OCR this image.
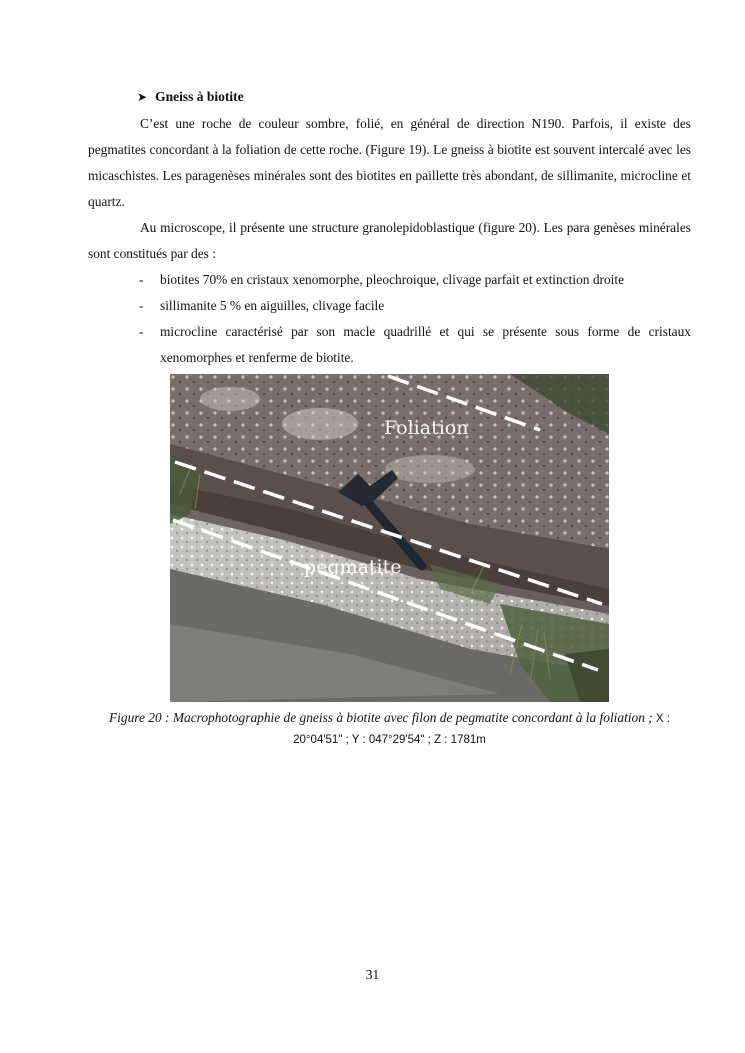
➤ Gneiss à biotite

C’est une roche de couleur sombre, folié, en général de direction N190. Parfois, il existe des pegmatites concordant à la foliation de cette roche. (Figure 19). Le gneiss à biotite est souvent intercalé avec les micaschistes. Les paragenèses minérales sont des biotites en paillette très abondant, de sillimanite, microcline et quartz.

Au microscope, il présente une structure granolepidoblastique (figure 20). Les para genèses minérales sont constitués par des :

- biotites 70% en cristaux xenomorphe, pleochroique, clivage parfait et extinction droite
- sillimanite 5 % en aiguilles, clivage facile
- microcline caractérisé par son macle quadrillé et qui se présente sous forme de cristaux xenomorphes et renferme de biotite.
Foliation
pegmatite
Figure 20 : Macrophotographie de gneiss à biotite avec filon de pegmatite concordant à la foliation ; X : 20°04'51" ; Y : 047°29'54" ; Z : 1781m
31
